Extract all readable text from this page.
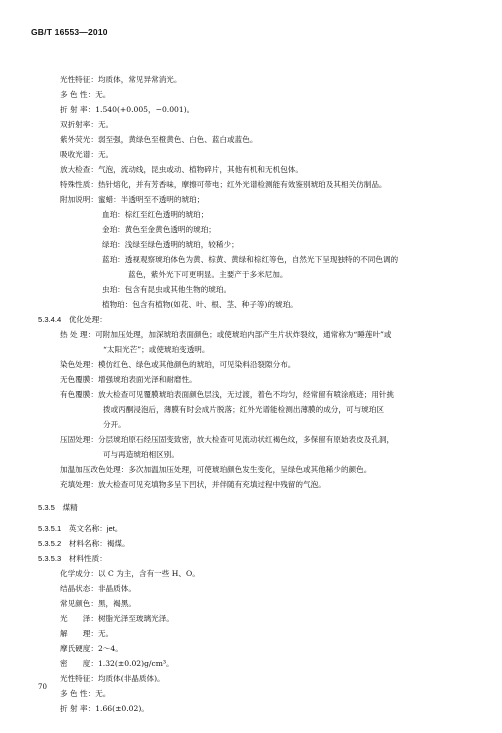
GB/T 16553—2010
光性特征：均质体，常见异常消光。
多 色 性：无。
折 射 率：1.540(+0.005，−0.001)。
双折射率：无。
紫外荧光：弱至强，黄绿色至橙黄色、白色、蓝白或蓝色。
吸收光谱：无。
放大检查：气泡，流动线，昆虫或动、植物碎片，其他有机和无机包体。
特殊性质：热针熔化，并有芳香味，摩擦可带电；红外光谱检测能有效鉴别琥珀及其相关仿制品。
附加说明：蜜蜡：半透明至不透明的琥珀；
血珀：棕红至红色透明的琥珀；
金珀：黄色至金黄色透明的琥珀；
绿珀：浅绿至绿色透明的琥珀，较稀少；
蓝珀：透视观察琥珀体色为黄、棕黄、黄绿和棕红等色，自然光下呈现独特的不同色调的
蓝色，紫外光下可更明显。主要产于多米尼加。
虫珀：包含有昆虫或其他生物的琥珀。
植物珀：包含有植物(如花、叶、根、茎、种子等)的琥珀。
5.3.4.4　优化处理：
热 处 理：可附加压处理，加深琥珀表面颜色；或使琥珀内部产生片状炸裂纹，通常称为“睡莲叶”或
“太阳光芒”；或使琥珀变透明。
染色处理：模仿红色、绿色或其他颜色的琥珀，可见染料沿裂隙分布。
无色覆膜：增强琥珀表面光泽和耐磨性。
有色覆膜：放大检查可见覆膜琥珀表面颜色层浅，无过渡，着色不均匀，经常留有喷涂痕迹；用针挑
拨或丙酮浸泡后，薄膜有时会成片脱落；红外光谱能检测出薄膜的成分，可与琥珀区
分开。
压固处理：分层琥珀原石经压固变致密，放大检查可见流动状红褐色纹，多保留有原始表皮及孔洞，
可与再造琥珀相区别。
加温加压改色处理：多次加温加压处理，可使琥珀颜色发生变化，呈绿色或其他稀少的颜色。
充填处理：放大检查可见充填物多呈下凹状，并伴随有充填过程中残留的气泡。
5.3.5　煤精
5.3.5.1　英文名称：jet。
5.3.5.2　材料名称：褐煤。
5.3.5.3　材料性质：
化学成分：以 C 为主，含有一些 H、O。
结晶状态：非晶质体。
常见颜色：黑，褐黑。
光　　泽：树脂光泽至玻璃光泽。
解　　理：无。
摩氏硬度：2～4。
密　　度：1.32(±0.02)g/cm³。
光性特征：均质体(非晶质体)。
多 色 性：无。
折 射 率：1.66(±0.02)。
70
